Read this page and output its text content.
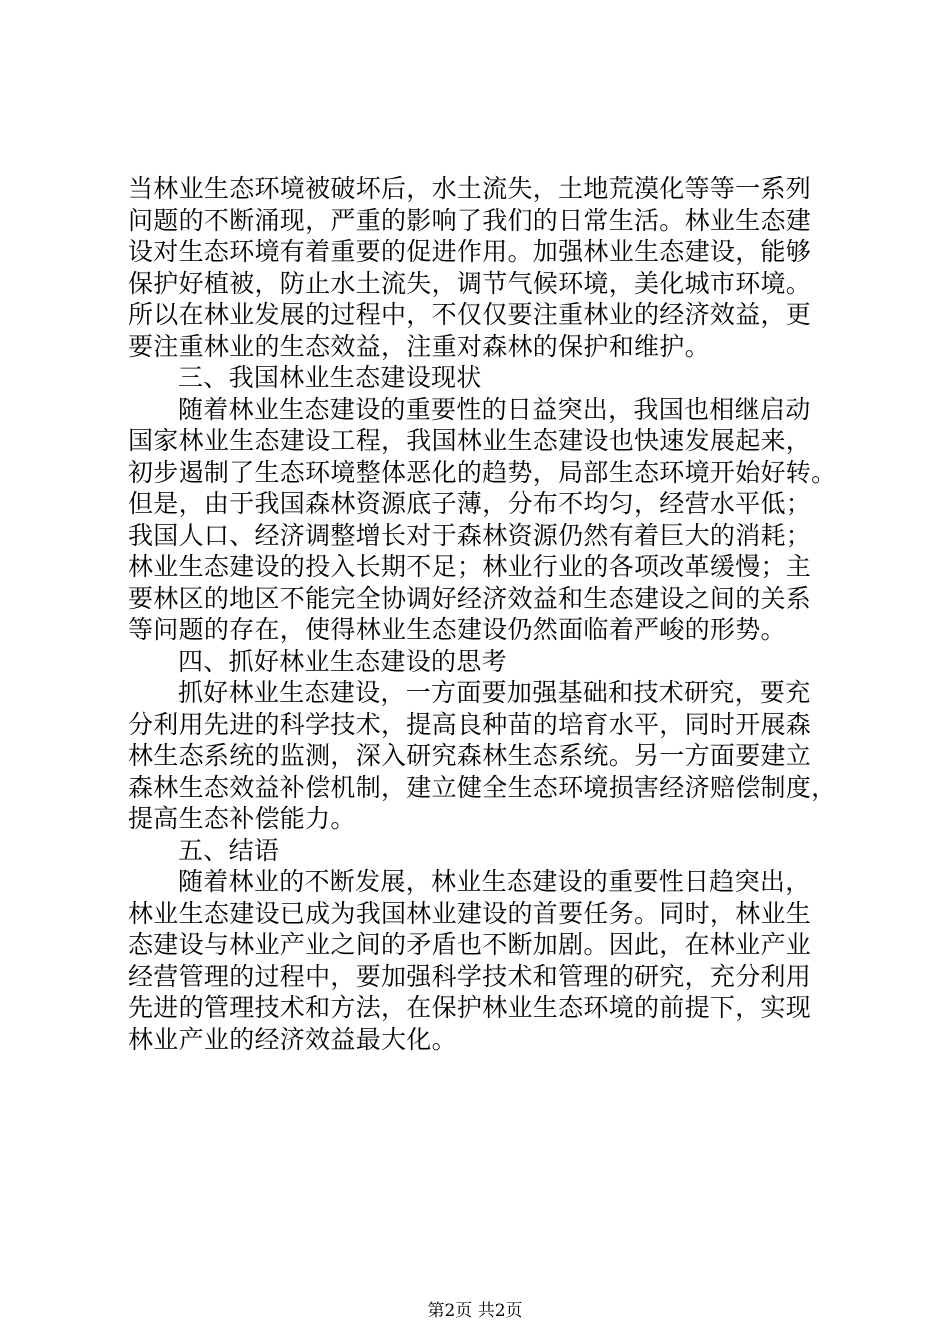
当林业生态环境被破坏后，水土流失，土地荒漠化等等一系列
问题的不断涌现，严重的影响了我们的日常生活。林业生态建
设对生态环境有着重要的促进作用。加强林业生态建设，能够
保护好植被，防止水土流失，调节气候环境，美化城市环境。
所以在林业发展的过程中，不仅仅要注重林业的经济效益，更
要注重林业的生态效益，注重对森林的保护和维护。
三、我国林业生态建设现状
随着林业生态建设的重要性的日益突出，我国也相继启动
国家林业生态建设工程，我国林业生态建设也快速发展起来，
初步遏制了生态环境整体恶化的趋势，局部生态环境开始好转。
但是，由于我国森林资源底子薄，分布不均匀，经营水平低；
我国人口、经济调整增长对于森林资源仍然有着巨大的消耗；
林业生态建设的投入长期不足；林业行业的各项改革缓慢；主
要林区的地区不能完全协调好经济效益和生态建设之间的关系
等问题的存在，使得林业生态建设仍然面临着严峻的形势。
四、抓好林业生态建设的思考
抓好林业生态建设，一方面要加强基础和技术研究，要充
分利用先进的科学技术，提高良种苗的培育水平，同时开展森
林生态系统的监测，深入研究森林生态系统。另一方面要建立
森林生态效益补偿机制，建立健全生态环境损害经济赔偿制度，
提高生态补偿能力。
五、结语
随着林业的不断发展，林业生态建设的重要性日趋突出，
林业生态建设已成为我国林业建设的首要任务。同时，林业生
态建设与林业产业之间的矛盾也不断加剧。因此，在林业产业
经营管理的过程中，要加强科学技术和管理的研究，充分利用
先进的管理技术和方法，在保护林业生态环境的前提下，实现
林业产业的经济效益最大化。
第2页 共2页
